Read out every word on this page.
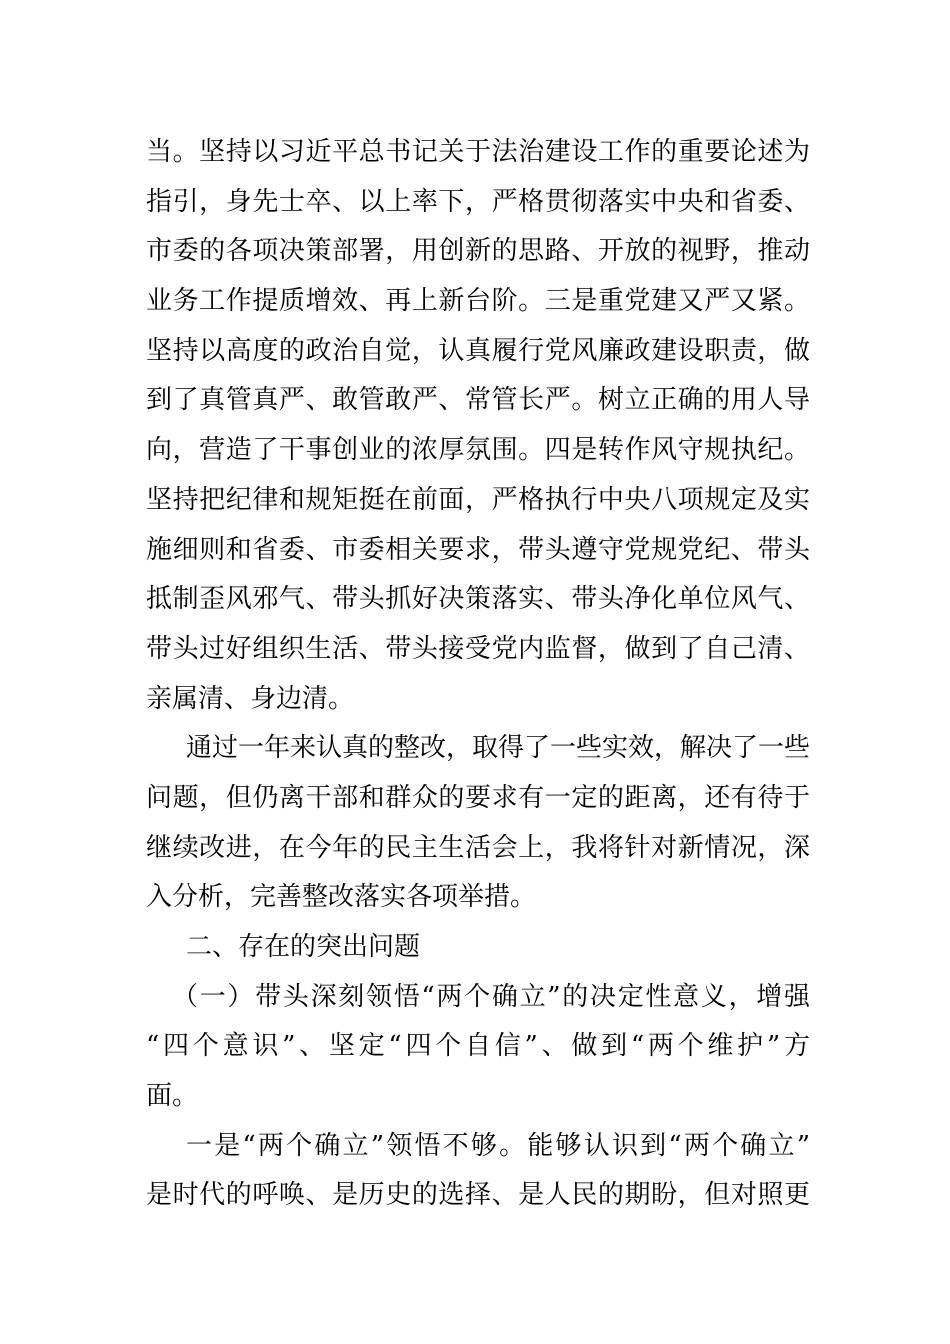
当。坚持以习近平总书记关于法治建设工作的重要论述为
指引，身先士卒、以上率下，严格贯彻落实中央和省委、
市委的各项决策部署，用创新的思路、开放的视野，推动
业务工作提质增效、再上新台阶。三是重党建又严又紧。
坚持以高度的政治自觉，认真履行党风廉政建设职责，做
到了真管真严、敢管敢严、常管长严。树立正确的用人导
向，营造了干事创业的浓厚氛围。四是转作风守规执纪。
坚持把纪律和规矩挺在前面，严格执行中央八项规定及实
施细则和省委、市委相关要求，带头遵守党规党纪、带头
抵制歪风邪气、带头抓好决策落实、带头净化单位风气、
带头过好组织生活、带头接受党内监督，做到了自己清、
亲属清、身边清。
通过一年来认真的整改，取得了一些实效，解决了一些
问题，但仍离干部和群众的要求有一定的距离，还有待于
继续改进，在今年的民主生活会上，我将针对新情况，深
入分析，完善整改落实各项举措。
二、存在的突出问题
（一）带头深刻领悟“两个确立”的决定性意义，增强
“四个意识”、坚定“四个自信”、做到“两个维护”方
面。
一是“两个确立”领悟不够。能够认识到“两个确立”
是时代的呼唤、是历史的选择、是人民的期盼，但对照更
